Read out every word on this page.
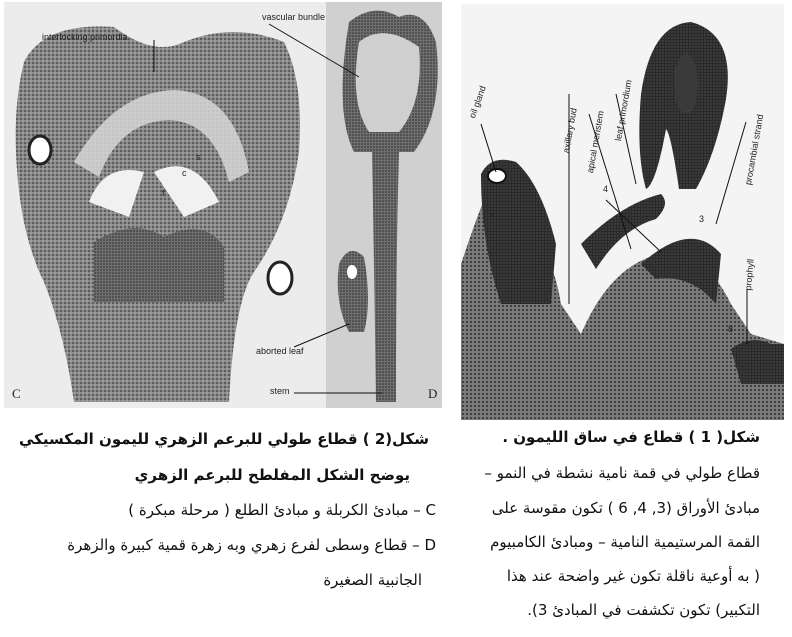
interlocking primordia
vascular bundle
aborted leaf
stem
C	D
c
s
f
oil gland
axillary bud apical meristem leaf primordium
procambial strand
prophyll
7
4
3
8
شكل(2 ) قطاع طولي للبرعم الزهري لليمون المكسيكي
يوضح الشكل المفلطح للبرعم الزهري
C – مبادئ الكربلة و مبادئ الطلع ( مرحلة مبكرة )
D – قطاع وسطى لفرع زهري وبه زهرة قمية كبيرة والزهرة
الجانبية الصغيرة
شكل( 1 ) قطاع في ساق الليمون .
قطاع طولي في قمة نامية نشطة في النمو –
مبادئ الأوراق (3, 4, 6 ) تكون مقوسة على
القمة المرستيمية النامية – ومبادئ الكامبيوم
( به أوعية ناقلة تكون غير واضحة عند هذا
التكبير) تكون تكشفت في المبادئ 3).
